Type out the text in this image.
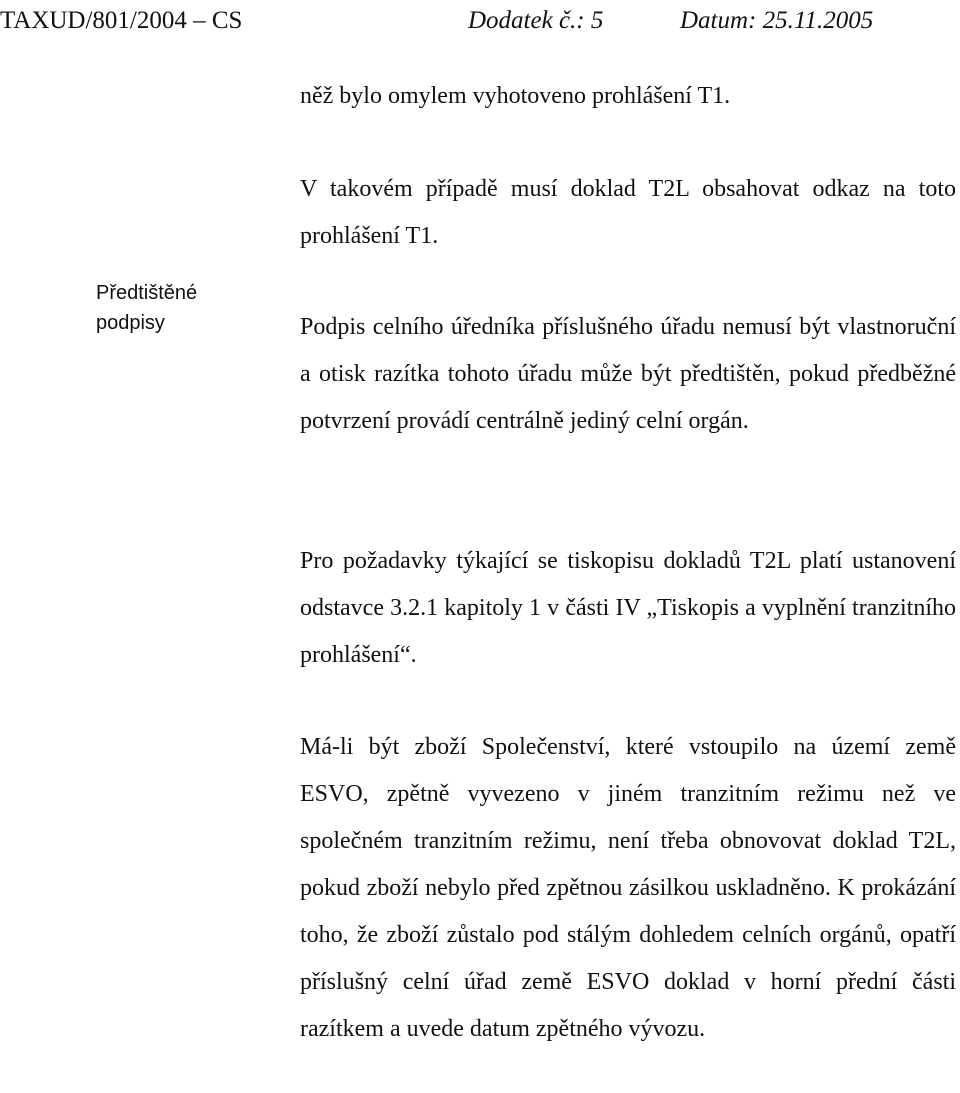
TAXUD/801/2004 – CS	Dodatek č.: 5	Datum: 25.11.2005
Předtištěné
podpisy
něž bylo omylem vyhotoveno prohlášení T1.
V takovém případě musí doklad T2L obsahovat odkaz na toto prohlášení T1.
Podpis celního úředníka příslušného úřadu nemusí být vlastnoruční a otisk razítka tohoto úřadu může být předtištěn, pokud předběžné potvrzení provádí centrálně jediný celní orgán.
Pro požadavky týkající se tiskopisu dokladů T2L platí ustanovení odstavce 3.2.1 kapitoly 1 v části IV „Tiskopis a vyplnění tranzitního prohlášení“.
Má-li být zboží Společenství, které vstoupilo na území země ESVO, zpětně vyvezeno v jiném tranzitním režimu než ve společném tranzitním režimu, není třeba obnovovat doklad T2L, pokud zboží nebylo před zpětnou zásilkou uskladněno. K prokázání toho, že zboží zůstalo pod stálým dohledem celních orgánů, opatří příslušný celní úřad země ESVO doklad v horní přední části razítkem a uvede datum zpětného vývozu.
